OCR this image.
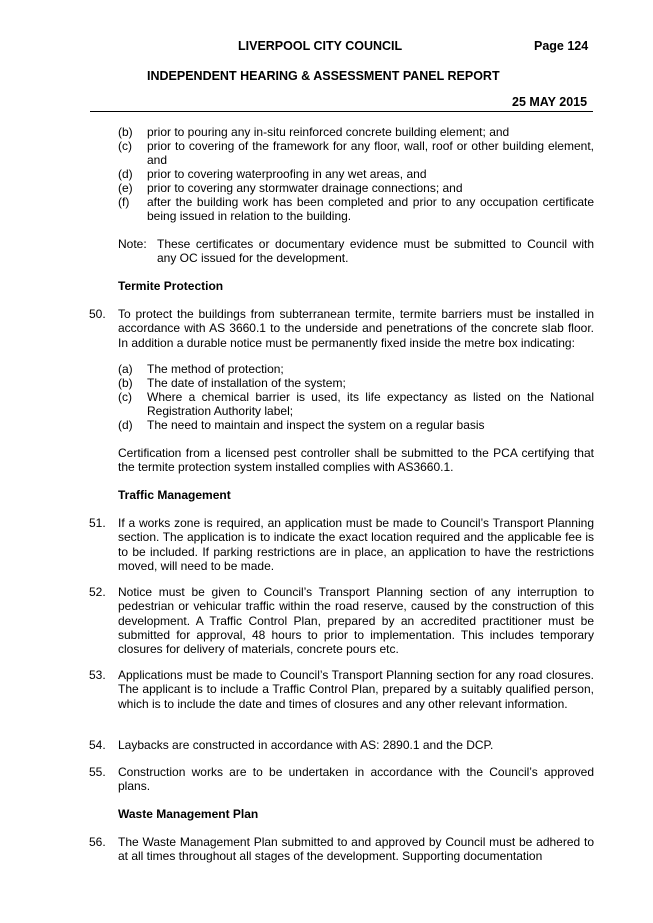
LIVERPOOL CITY COUNCIL	Page 124
INDEPENDENT HEARING & ASSESSMENT PANEL REPORT
25 MAY 2015
(b) prior to pouring any in-situ reinforced concrete building element; and
(c) prior to covering of the framework for any floor, wall, roof or other building element, and
(d) prior to covering waterproofing in any wet areas, and
(e) prior to covering any stormwater drainage connections; and
(f) after the building work has been completed and prior to any occupation certificate being issued in relation to the building.
Note: These certificates or documentary evidence must be submitted to Council with any OC issued for the development.
Termite Protection
50. To protect the buildings from subterranean termite, termite barriers must be installed in accordance with AS 3660.1 to the underside and penetrations of the concrete slab floor. In addition a durable notice must be permanently fixed inside the metre box indicating:
(a) The method of protection;
(b) The date of installation of the system;
(c) Where a chemical barrier is used, its life expectancy as listed on the National Registration Authority label;
(d) The need to maintain and inspect the system on a regular basis
Certification from a licensed pest controller shall be submitted to the PCA certifying that the termite protection system installed complies with AS3660.1.
Traffic Management
51. If a works zone is required, an application must be made to Council’s Transport Planning section. The application is to indicate the exact location required and the applicable fee is to be included. If parking restrictions are in place, an application to have the restrictions moved, will need to be made.
52. Notice must be given to Council’s Transport Planning section of any interruption to pedestrian or vehicular traffic within the road reserve, caused by the construction of this development. A Traffic Control Plan, prepared by an accredited practitioner must be submitted for approval, 48 hours to prior to implementation. This includes temporary closures for delivery of materials, concrete pours etc.
53. Applications must be made to Council’s Transport Planning section for any road closures. The applicant is to include a Traffic Control Plan, prepared by a suitably qualified person, which is to include the date and times of closures and any other relevant information.
54. Laybacks are constructed in accordance with AS: 2890.1 and the DCP.
55. Construction works are to be undertaken in accordance with the Council’s approved plans.
Waste Management Plan
56. The Waste Management Plan submitted to and approved by Council must be adhered to at all times throughout all stages of the development. Supporting documentation
